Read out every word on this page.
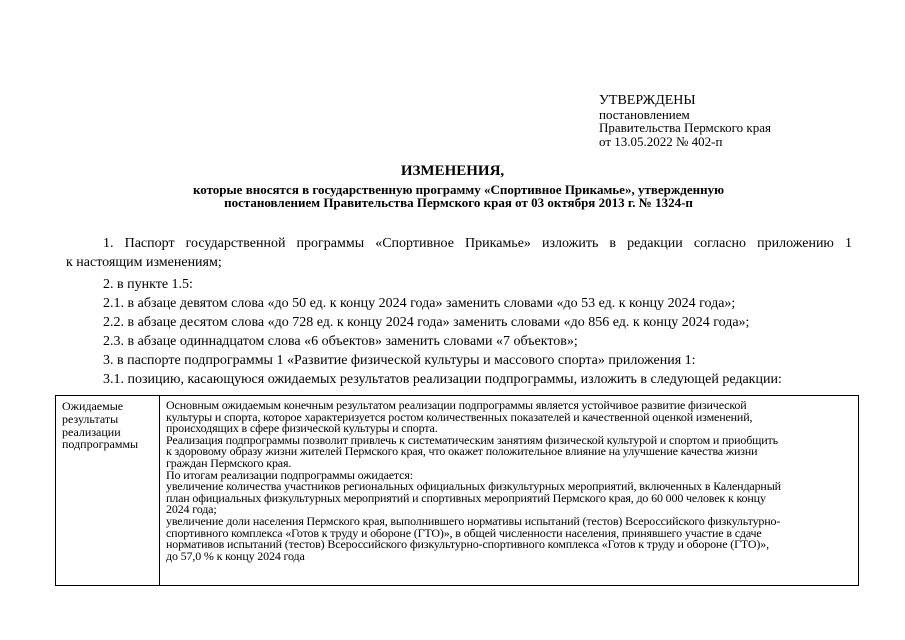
УТВЕРЖДЕНЫ
постановлением
Правительства Пермского края
от 13.05.2022 № 402-п
ИЗМЕНЕНИЯ,
которые вносятся в государственную программу «Спортивное Прикамье», утвержденную
постановлением Правительства Пермского края от 03 октября 2013 г. № 1324-п
1. Паспорт государственной программы «Спортивное Прикамье» изложить в редакции согласно приложению 1
к настоящим изменениям;
2. в пункте 1.5:
2.1. в абзаце девятом слова «до 50 ед. к концу 2024 года» заменить словами «до 53 ед. к концу 2024 года»;
2.2. в абзаце десятом слова «до 728 ед. к концу 2024 года» заменить словами «до 856 ед. к концу 2024 года»;
2.3. в абзаце одиннадцатом слова «6 объектов» заменить словами «7 объектов»;
3. в паспорте подпрограммы 1 «Развитие физической культуры и массового спорта» приложения 1:
3.1. позицию, касающуюся ожидаемых результатов реализации подпрограммы, изложить в следующей редакции:
Ожидаемые
результаты
реализации
подпрограммы
Основным ожидаемым конечным результатом реализации подпрограммы является устойчивое развитие физической
культуры и спорта, которое характеризуется ростом количественных показателей и качественной оценкой изменений,
происходящих в сфере физической культуры и спорта.
Реализация подпрограммы позволит привлечь к систематическим занятиям физической культурой и спортом и приобщить
к здоровому образу жизни жителей Пермского края, что окажет положительное влияние на улучшение качества жизни
граждан Пермского края.
По итогам реализации подпрограммы ожидается:
увеличение количества участников региональных официальных физкультурных мероприятий, включенных в Календарный
план официальных физкультурных мероприятий и спортивных мероприятий Пермского края, до 60 000 человек к концу
2024 года;
увеличение доли населения Пермского края, выполнившего нормативы испытаний (тестов) Всероссийского физкультурно-
спортивного комплекса «Готов к труду и обороне (ГТО)», в общей численности населения, принявшего участие в сдаче
нормативов испытаний (тестов) Всероссийского физкультурно-спортивного комплекса «Готов к труду и обороне (ГТО)»,
до 57,0 % к концу 2024 года
